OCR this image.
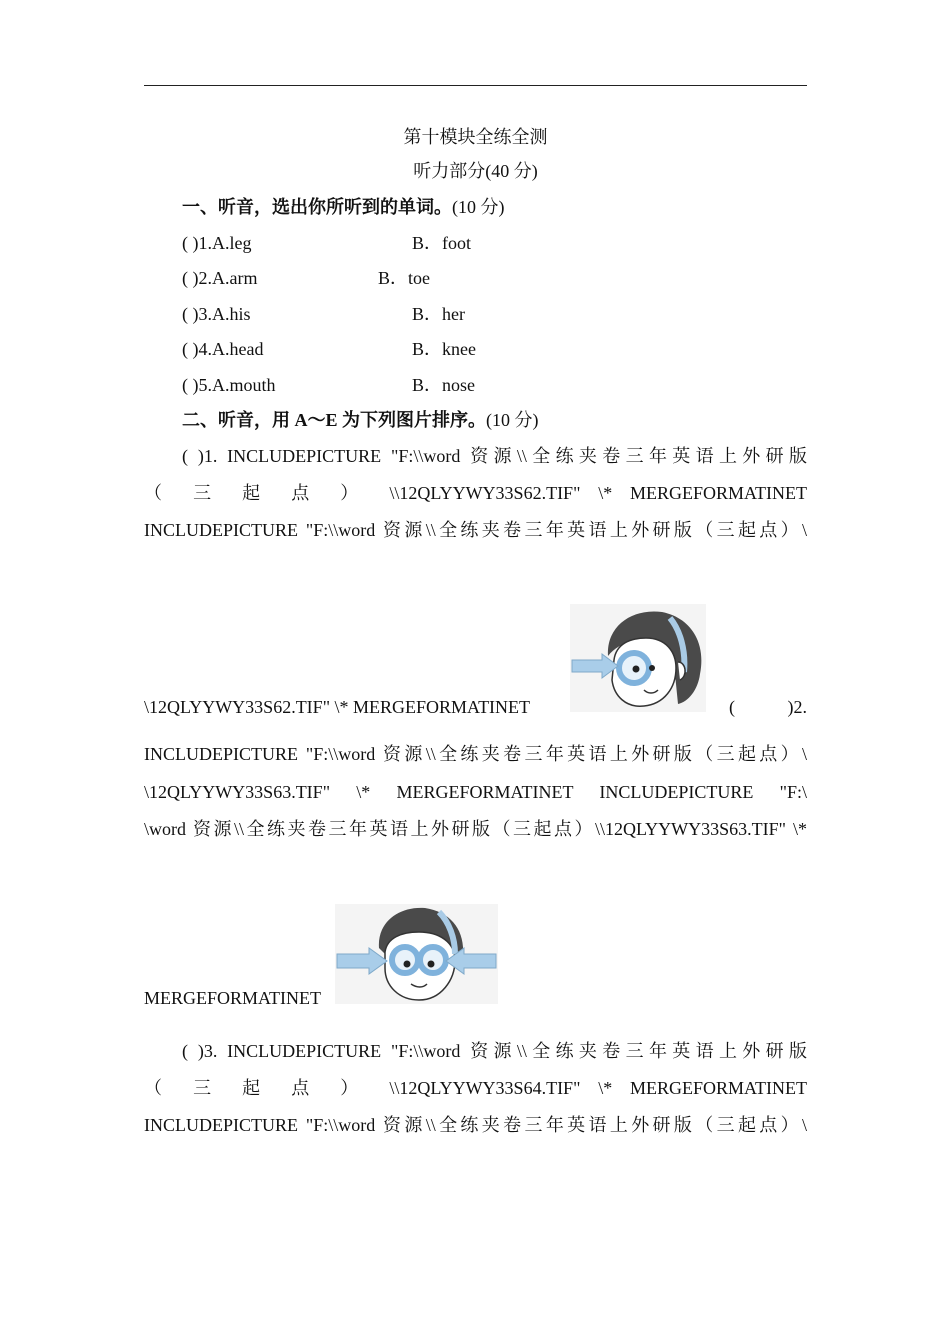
第十模块全练全测
听力部分(40 分)
一、听音，选出你所听到的单词。(10 分)
( )1.A.leg	B．foot
( )2.A.arm	B．toe
( )3.A.his	B．her
( )4.A.head	B．knee
( )5.A.mouth	B．nose
二、听音，用 A～E 为下列图片排序。(10 分)
( )1. INCLUDEPICTURE "F:\\word 资源\\全练夹卷三年英语上外研版
（ 三 起 点 ） \\12QLYYWY33S62.TIF" \* MERGEFORMATINET
INCLUDEPICTURE "F:\\word 资源\\全练夹卷三年英语上外研版（三起点）\
\12QLYYWY33S62.TIF" \* MERGEFORMATINET	( )2.
INCLUDEPICTURE "F:\\word 资源\\全练夹卷三年英语上外研版（三起点）\
\12QLYYWY33S63.TIF" \* MERGEFORMATINET INCLUDEPICTURE "F:\
\word 资源\\全练夹卷三年英语上外研版（三起点）\\12QLYYWY33S63.TIF" \*
MERGEFORMATINET
( )3. INCLUDEPICTURE "F:\\word 资源\\全练夹卷三年英语上外研版
（ 三 起 点 ） \\12QLYYWY33S64.TIF" \* MERGEFORMATINET
INCLUDEPICTURE "F:\\word 资源\\全练夹卷三年英语上外研版（三起点）\
